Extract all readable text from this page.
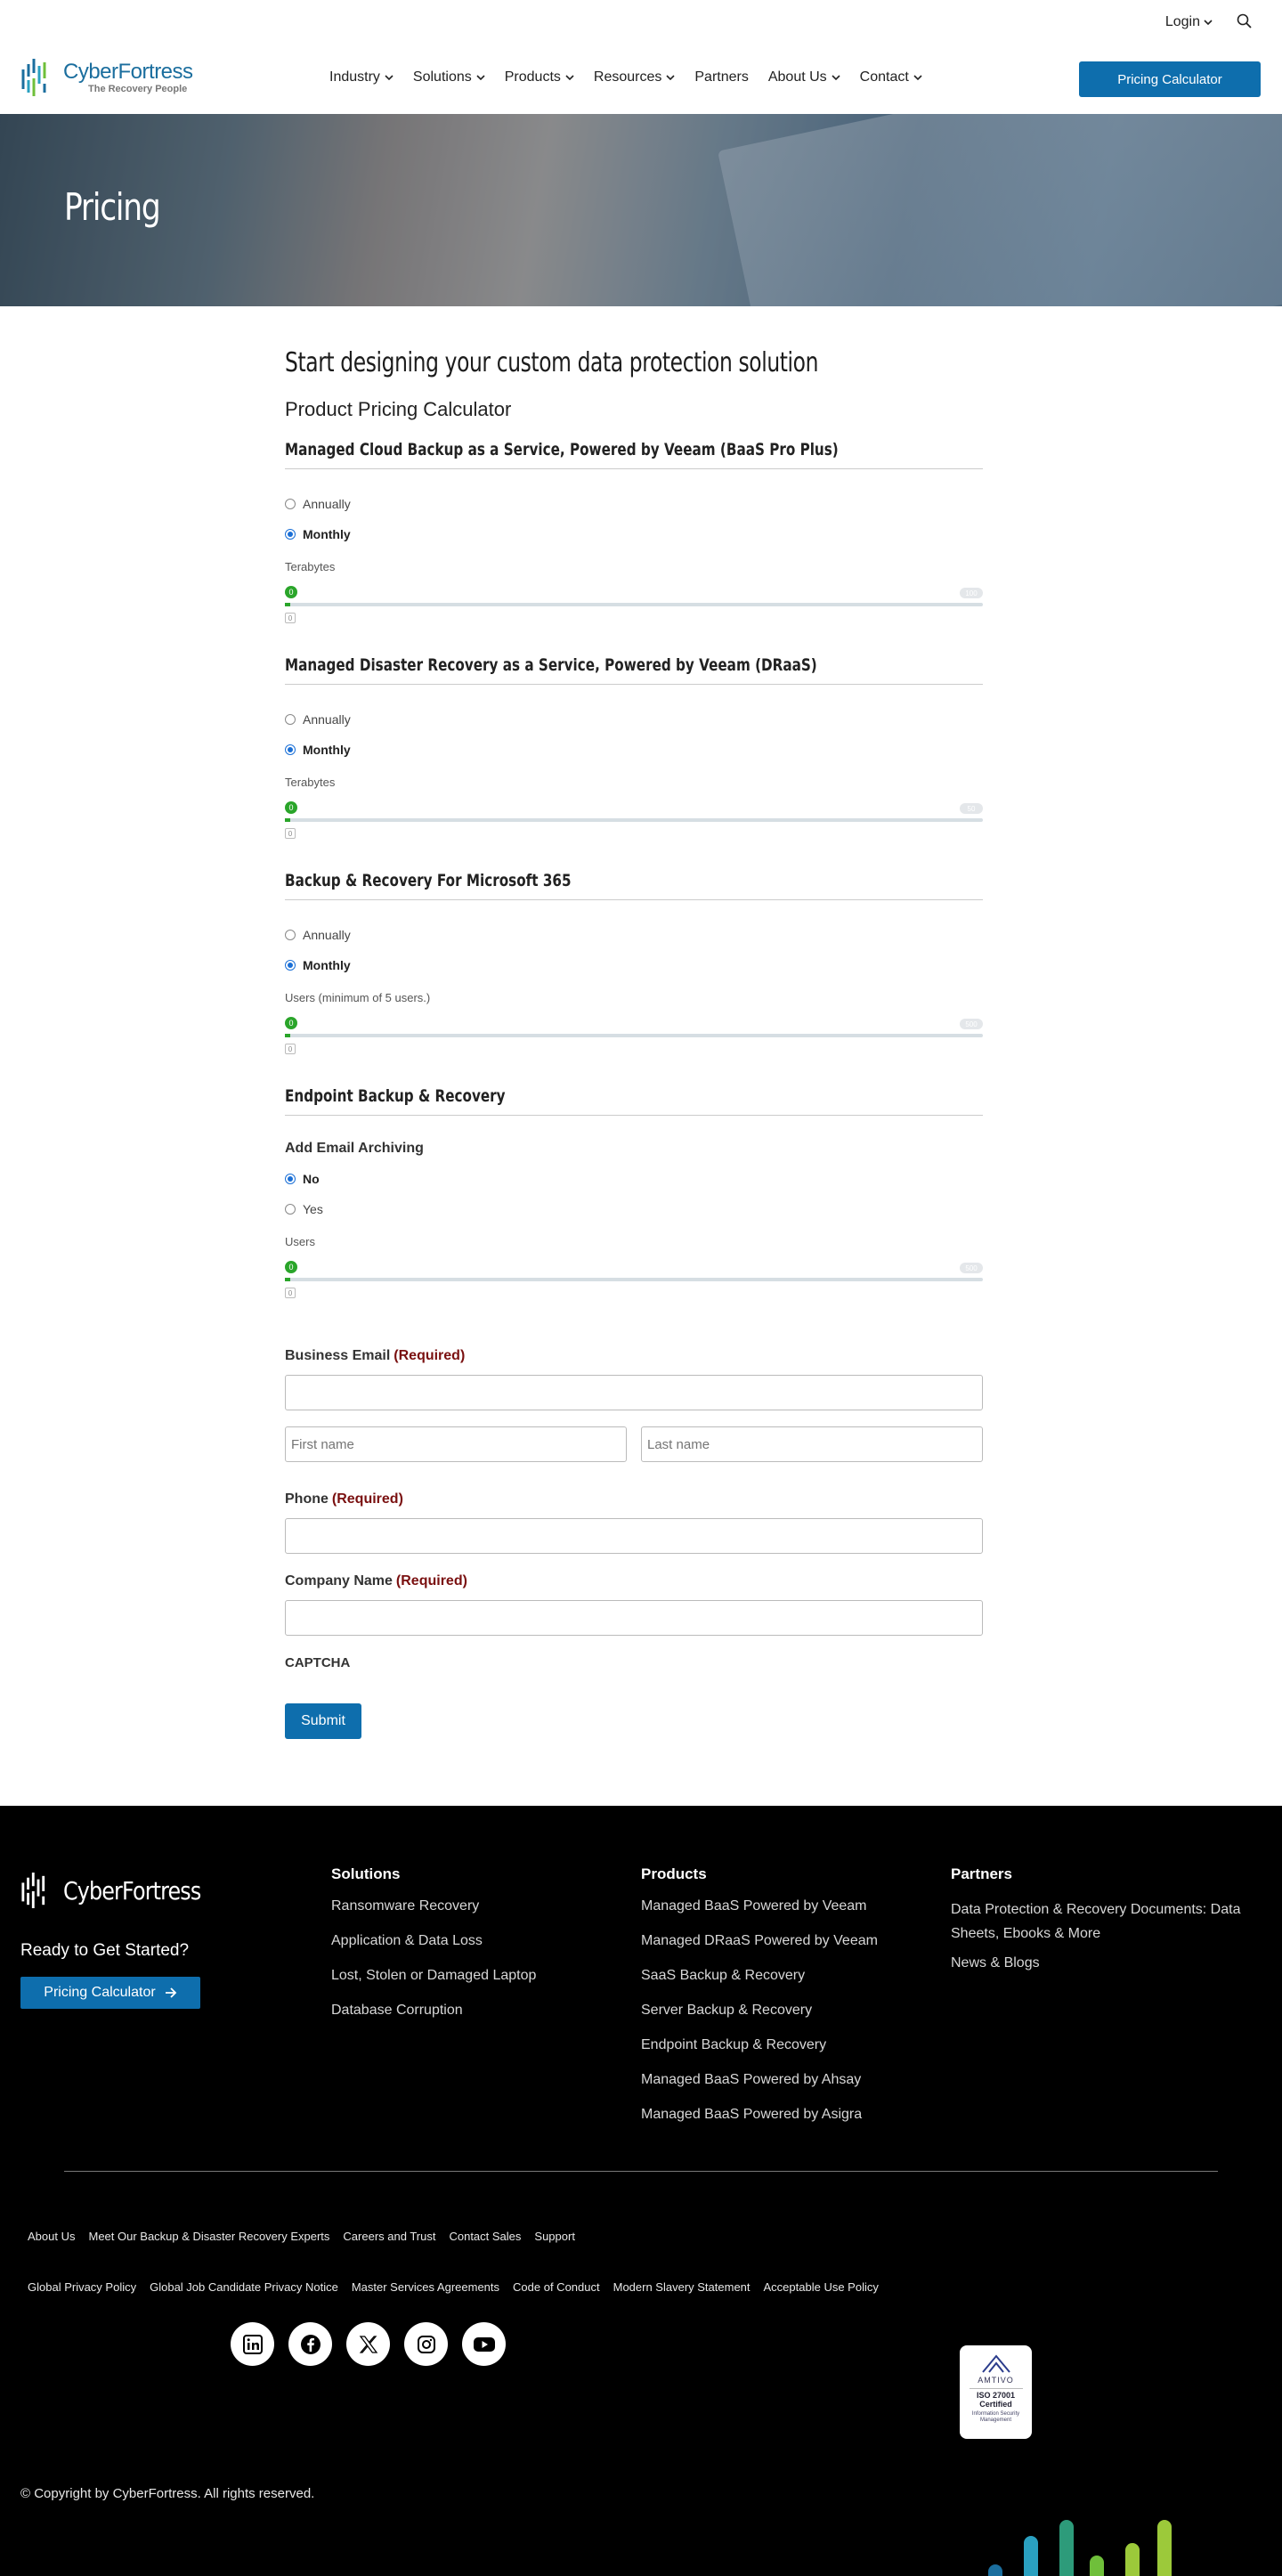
Login
CyberFortress
The Recovery People
Industry Solutions Products Resources Partners About Us Contact	Pricing Calculator
Pricing
Start designing your custom data protection solution
Product Pricing Calculator
Managed Cloud Backup as a Service, Powered by Veeam (BaaS Pro Plus)
Annually
Monthly
Terabytes
0	100
0
Managed Disaster Recovery as a Service, Powered by Veeam (DRaaS)
Annually
Monthly
Terabytes
0	50
0
Backup & Recovery For Microsoft 365
Annually
Monthly
Users (minimum of 5 users.)
0	500
0
Endpoint Backup & Recovery
Add Email Archiving
No
Yes
Users
0	500
0
Business Email (Required)
First name
Last name
Phone (Required)
Company Name (Required)
CAPTCHA
Submit
CyberFortress
Ready to Get Started?
Pricing Calculator
Solutions
Ransomware Recovery
Application & Data Loss
Lost, Stolen or Damaged Laptop
Database Corruption
Products
Managed BaaS Powered by Veeam
Managed DRaaS Powered by Veeam
SaaS Backup & Recovery
Server Backup & Recovery
Endpoint Backup & Recovery
Managed BaaS Powered by Ahsay
Managed BaaS Powered by Asigra
Partners
Data Protection & Recovery Documents: Data Sheets, Ebooks & More
News & Blogs
About Us Meet Our Backup & Disaster Recovery Experts Careers and Trust Contact Sales Support
Global Privacy Policy Global Job Candidate Privacy Notice Master Services Agreements Code of Conduct Modern Slavery Statement Acceptable Use Policy
AMTIVO
ISO 27001
Certified
Information Security Management
© Copyright by CyberFortress. All rights reserved.
